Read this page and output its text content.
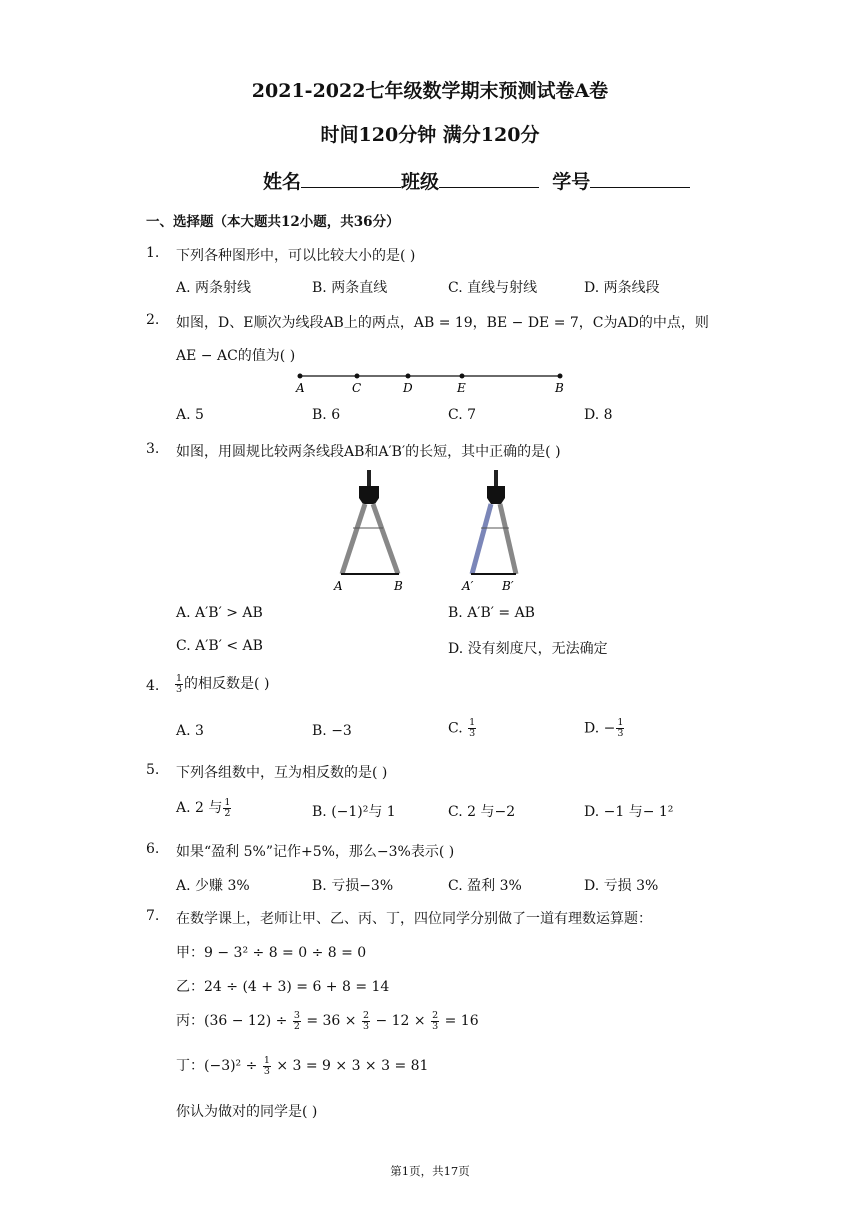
2021-2022七年级数学期末预测试卷A卷
时间120分钟 满分120分
姓名	班级	学号
一、选择题（本大题共12小题，共36分）
1. 下列各种图形中，可以比较大小的是( )
A. 两条射线	B. 两条直线	C. 直线与射线	D. 两条线段
2. 如图，D、E顺次为线段AB上的两点，AB = 19，BE − DE = 7，C为AD的中点，则
AE − AC的值为( )
A	C	D	E	B
A. 5	B. 6	C. 7	D. 8
3. 如图，用圆规比较两条线段AB和A′B′的长短，其中正确的是( )
A	B	A′ B′
A. A′B′ > AB	B. A′B′ = AB
C. A′B′ < AB	D. 没有刻度尺，无法确定
4. $\frac{1}{3}$ 的相反数是( )
A. 3	B. −3	C. $\frac{1}{3}$	D. − $\frac{1}{3}$
5. 下列各组数中，互为相反数的是( )
A. 2 与 $\frac{1}{2}$	B. (−1)²与 1	C. 2 与−2	D. −1 与− 1²
6. 如果“盈利 5%”记作+5%，那么−3%表示( )
A. 少赚 3%	B. 亏损−3%	C. 盈利 3%	D. 亏损 3%
7. 在数学课上，老师让甲、乙、丙、丁，四位同学分别做了一道有理数运算题：
甲：9 − 3² ÷ 8 = 0 ÷ 8 = 0
乙：24 ÷ (4 + 3) = 6 + 8 = 14
丙：$(36 - 12) \div \frac{3}{2} = 36 \times \frac{2}{3} - 12 \times \frac{2}{3} = 16$
丁：$(-3)^2 \div \frac{1}{3} \times 3 = 9 \times 3 \times 3 = 81$
你认为做对的同学是( )
第1页，共17页
